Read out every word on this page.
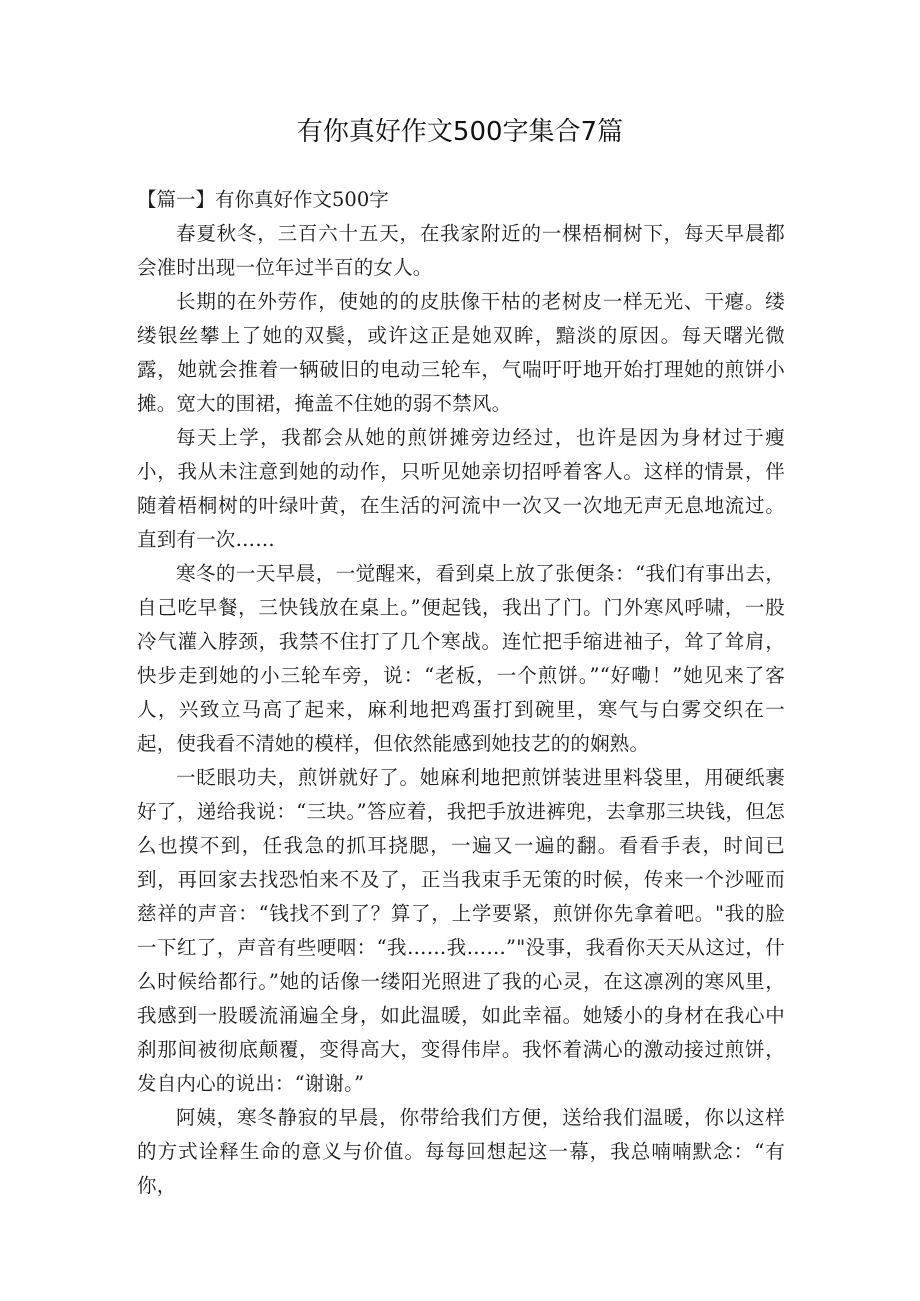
有你真好作文500字集合7篇

【篇一】有你真好作文500字

春夏秋冬，三百六十五天，在我家附近的一棵梧桐树下，每天早晨都会准时出现一位年过半百的女人。

长期的在外劳作，使她的的皮肤像干枯的老树皮一样无光、干瘪。缕缕银丝攀上了她的双鬓，或许这正是她双眸，黯淡的原因。每天曙光微露，她就会推着一辆破旧的电动三轮车，气喘吁吁地开始打理她的煎饼小摊。宽大的围裙，掩盖不住她的弱不禁风。

每天上学，我都会从她的煎饼摊旁边经过，也许是因为身材过于瘦小，我从未注意到她的动作，只听见她亲切招呼着客人。这样的情景，伴随着梧桐树的叶绿叶黄，在生活的河流中一次又一次地无声无息地流过。直到有一次……

寒冬的一天早晨，一觉醒来，看到桌上放了张便条：“我们有事出去，自己吃早餐，三快钱放在桌上。”便起钱，我出了门。门外寒风呼啸，一股冷气灌入脖颈，我禁不住打了几个寒战。连忙把手缩进袖子，耸了耸肩，快步走到她的小三轮车旁，说：“老板，一个煎饼。”“好嘞！”她见来了客人，兴致立马高了起来，麻利地把鸡蛋打到碗里，寒气与白雾交织在一起，使我看不清她的模样，但依然能感到她技艺的的娴熟。

一眨眼功夫，煎饼就好了。她麻利地把煎饼装进里料袋里，用硬纸裹好了，递给我说：“三块。”答应着，我把手放进裤兜，去拿那三块钱，但怎么也摸不到，任我急的抓耳挠腮，一遍又一遍的翻。看看手表，时间已到，再回家去找恐怕来不及了，正当我束手无策的时候，传来一个沙哑而慈祥的声音：“钱找不到了？算了，上学要紧，煎饼你先拿着吧。"我的脸一下红了，声音有些哽咽：“我……我……”"没事，我看你天天从这过，什么时候给都行。”她的话像一缕阳光照进了我的心灵，在这凛冽的寒风里，我感到一股暖流涌遍全身，如此温暖，如此幸福。她矮小的身材在我心中刹那间被彻底颠覆，变得高大，变得伟岸。我怀着满心的激动接过煎饼，发自内心的说出：“谢谢。”

阿姨，寒冬静寂的早晨，你带给我们方便，送给我们温暖，你以这样的方式诠释生命的意义与价值。每每回想起这一幕，我总喃喃默念：“有你，
